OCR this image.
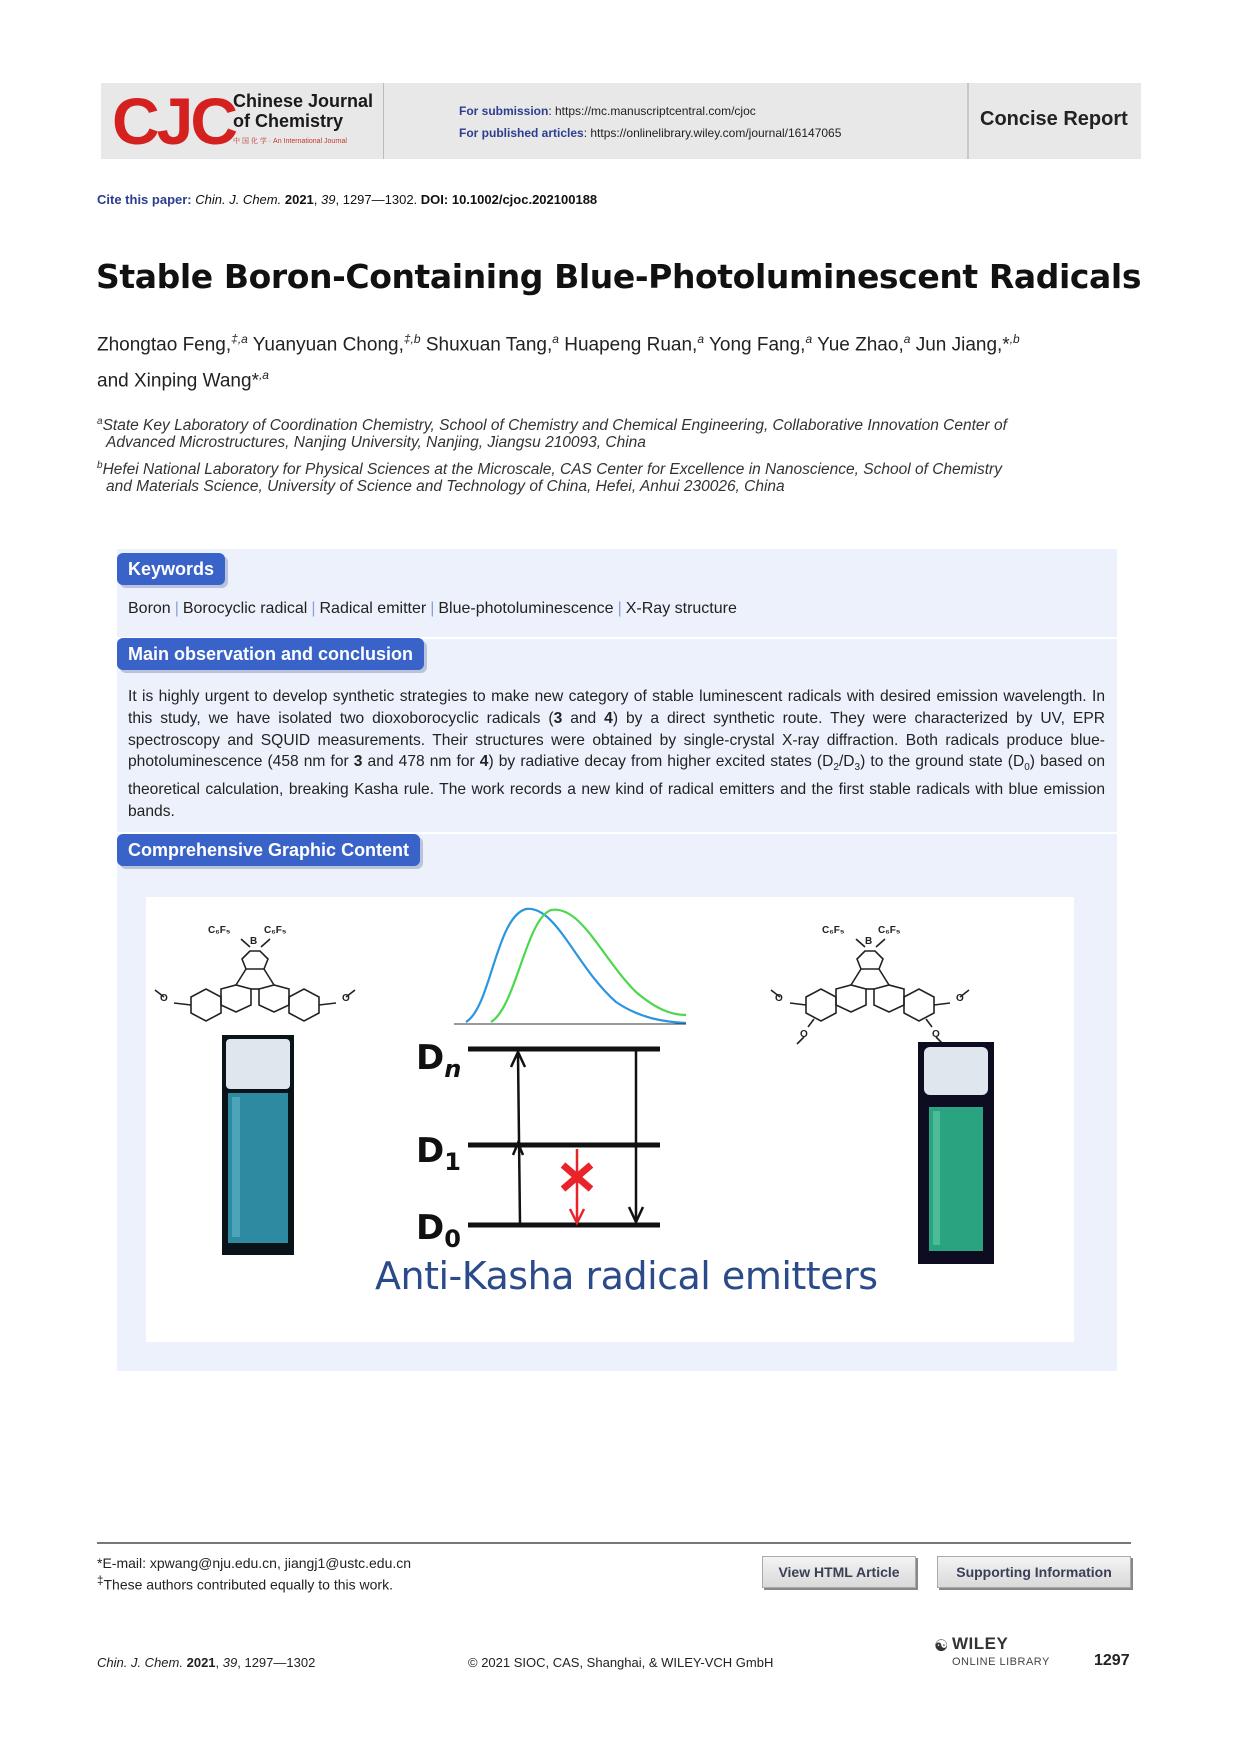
CJC
Chinese Journal
of Chemistry
中 国 化 学 · An International Journal
For submission: https://mc.manuscriptcentral.com/cjoc
For published articles: https://onlinelibrary.wiley.com/journal/16147065
Concise Report
Cite this paper: Chin. J. Chem. 2021, 39, 1297—1302. DOI: 10.1002/cjoc.202100188
Stable Boron-Containing Blue-Photoluminescent Radicals
Zhongtao Feng,$^{\ddagger,a}$ Yuanyuan Chong,$^{\ddagger,b}$ Shuxuan Tang,$^a$ Huapeng Ruan,$^a$ Yong Fang,$^a$ Yue Zhao,$^a$ Jun Jiang,*$^{,b}$
and Xinping Wang*$^{,a}$
$^a$State Key Laboratory of Coordination Chemistry, School of Chemistry and Chemical Engineering, Collaborative Innovation Center of
Advanced Microstructures, Nanjing University, Nanjing, Jiangsu 210093, China
$^b$Hefei National Laboratory for Physical Sciences at the Microscale, CAS Center for Excellence in Nanoscience, School of Chemistry
and Materials Science, University of Science and Technology of China, Hefei, Anhui 230026, China
Keywords
Boron | Borocyclic radical | Radical emitter | Blue-photoluminescence | X-Ray structure
Main observation and conclusion
It is highly urgent to develop synthetic strategies to make new category of stable luminescent radicals with desired emission wavelength. In this study, we have isolated two dioxoborocyclic radicals (3 and 4) by a direct synthetic route. They were characterized by UV, EPR spectroscopy and SQUID measurements. Their structures were obtained by single-crystal X-ray diffraction. Both radicals produce blue-photoluminescence (458 nm for 3 and 478 nm for 4) by radiative decay from higher excited states $(D_2/D_3)$ to the ground state $(D_0)$ based on theoretical calculation, breaking Kasha rule. The work records a new kind of radical emitters and the first stable radicals with blue emission bands.
Comprehensive Graphic Content
C₆F₅	C₆F₅
B
O	O
$D_n$
$D_1$
$D_0$
Anti-Kasha radical emitters
C₆F₅	C₆F₅
B
O	O
O	O
*E-mail: xpwang@nju.edu.cn, jiangj1@ustc.edu.cn
‡These authors contributed equally to this work.
View HTML Article	Supporting Information
Chin. J. Chem. 2021, 39, 1297—1302	© 2021 SIOC, CAS, Shanghai, & WILEY-VCH GmbH
☯ WILEY
ONLINE LIBRARY	1297
